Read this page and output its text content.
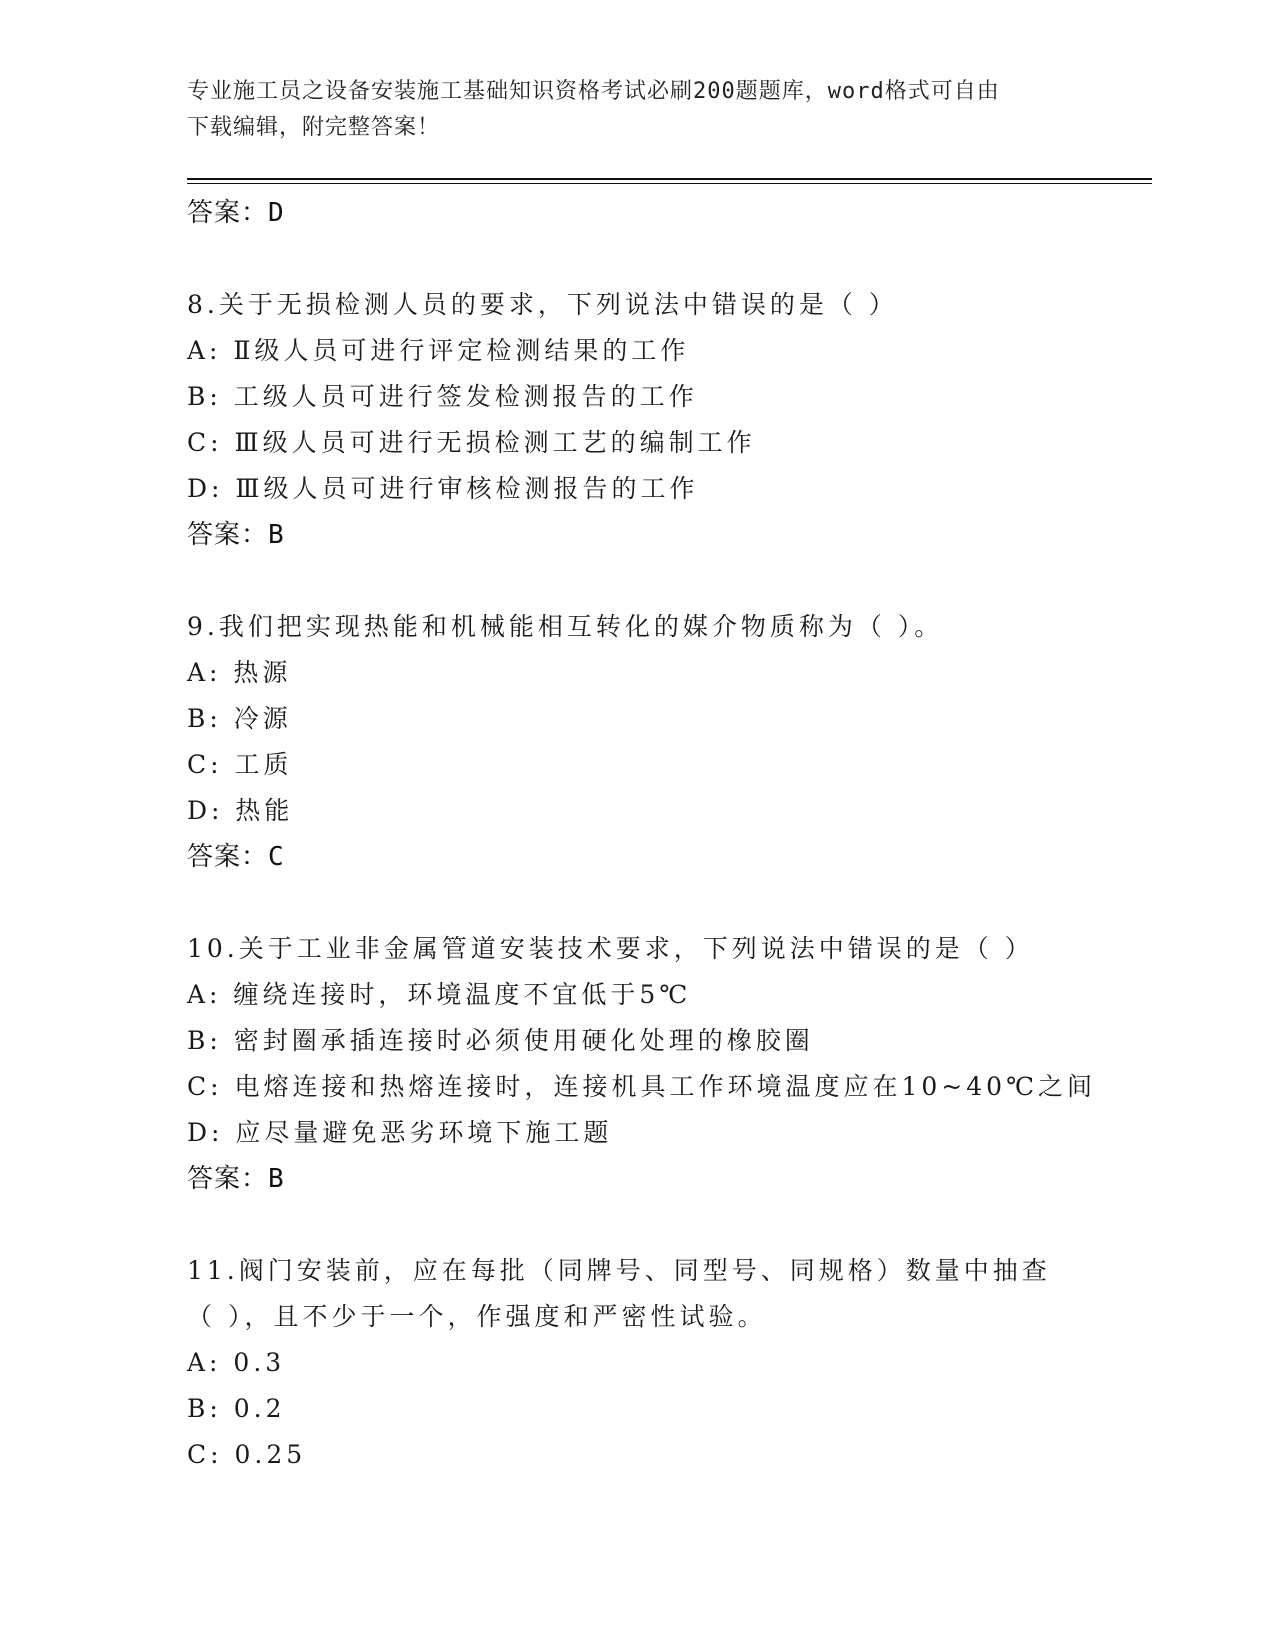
专业施工员之设备安装施工基础知识资格考试必刷200题题库，word格式可自由
下载编辑，附完整答案！
答案：D
8.关于无损检测人员的要求，下列说法中错误的是（ ）
A: Ⅱ级人员可进行评定检测结果的工作
B: 工级人员可进行签发检测报告的工作
C: Ⅲ级人员可进行无损检测工艺的编制工作
D: Ⅲ级人员可进行审核检测报告的工作
答案：B
9.我们把实现热能和机械能相互转化的媒介物质称为（ ）。
A: 热源
B: 冷源
C: 工质
D: 热能
答案：C
10.关于工业非金属管道安装技术要求，下列说法中错误的是（ ）
A: 缠绕连接时，环境温度不宜低于5℃
B: 密封圈承插连接时必须使用硬化处理的橡胶圈
C: 电熔连接和热熔连接时，连接机具工作环境温度应在10~40℃之间
D: 应尽量避免恶劣环境下施工题
答案：B
11.阀门安装前，应在每批（同牌号、同型号、同规格）数量中抽查（ ），且不少于一个，作强度和严密性试验。
A: 0.3
B: 0.2
C: 0.25
